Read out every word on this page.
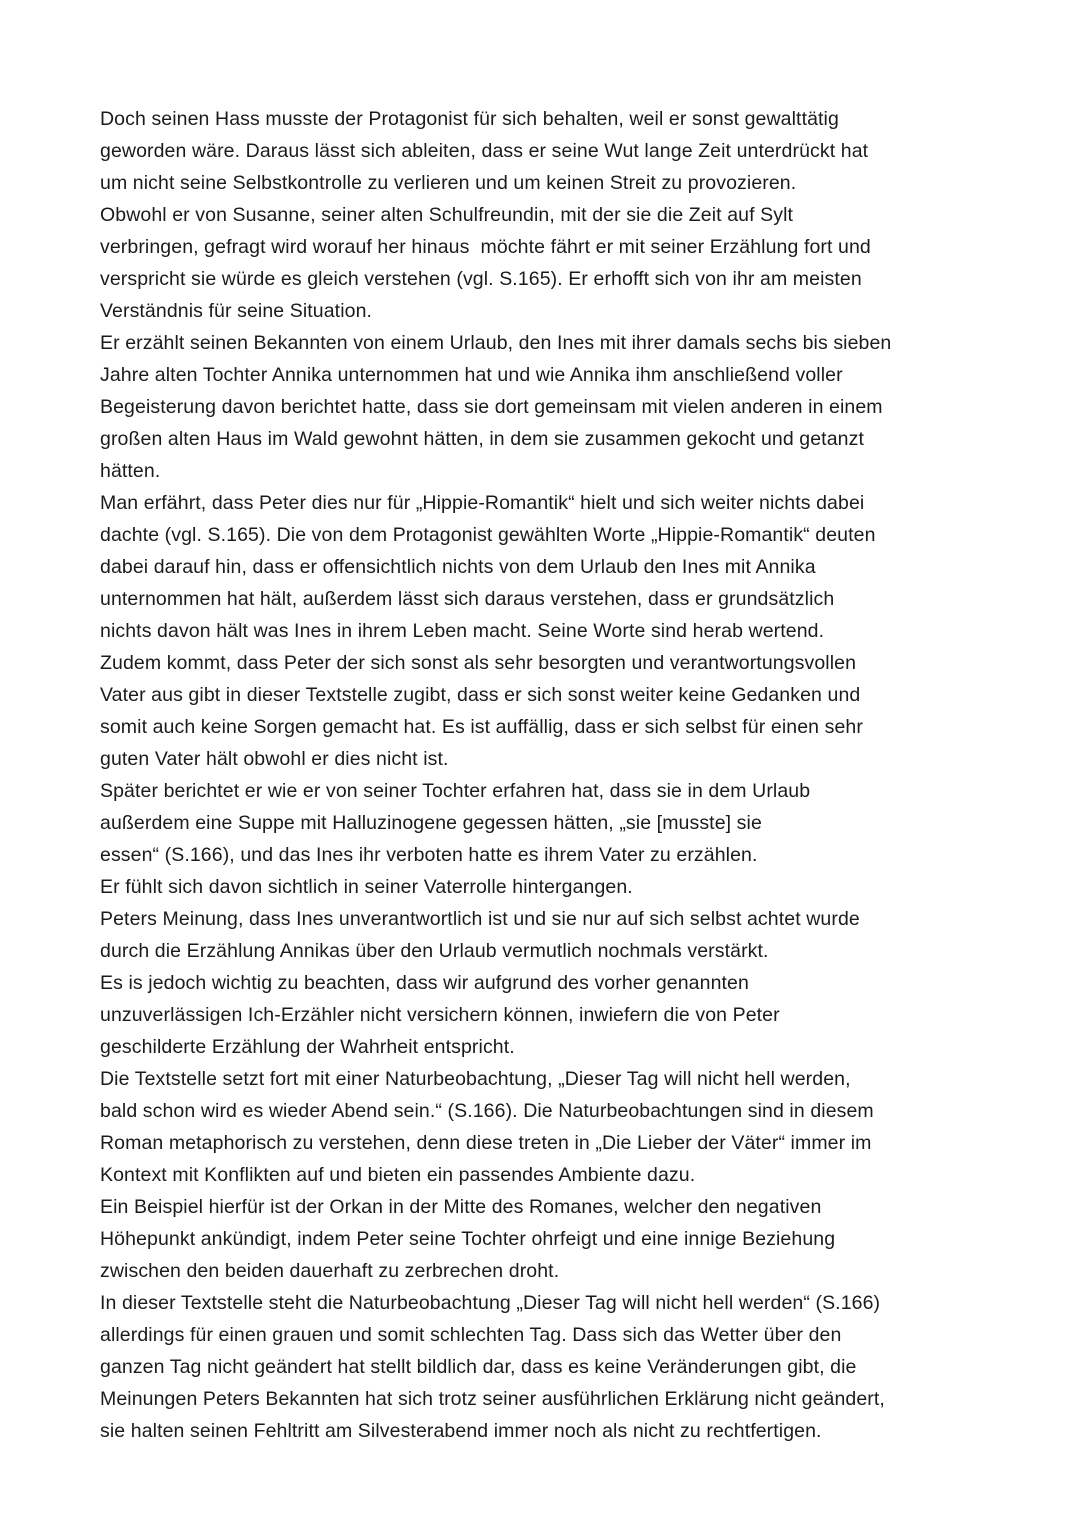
Doch seinen Hass musste der Protagonist für sich behalten, weil er sonst gewalttätig
geworden wäre. Daraus lässt sich ableiten, dass er seine Wut lange Zeit unterdrückt hat
um nicht seine Selbstkontrolle zu verlieren und um keinen Streit zu provozieren.
Obwohl er von Susanne, seiner alten Schulfreundin, mit der sie die Zeit auf Sylt
verbringen, gefragt wird worauf her hinaus  möchte fährt er mit seiner Erzählung fort und
verspricht sie würde es gleich verstehen (vgl. S.165). Er erhofft sich von ihr am meisten
Verständnis für seine Situation.
Er erzählt seinen Bekannten von einem Urlaub, den Ines mit ihrer damals sechs bis sieben
Jahre alten Tochter Annika unternommen hat und wie Annika ihm anschließend voller
Begeisterung davon berichtet hatte, dass sie dort gemeinsam mit vielen anderen in einem
großen alten Haus im Wald gewohnt hätten, in dem sie zusammen gekocht und getanzt
hätten.
Man erfährt, dass Peter dies nur für „Hippie-Romantik“ hielt und sich weiter nichts dabei
dachte (vgl. S.165). Die von dem Protagonist gewählten Worte „Hippie-Romantik“ deuten
dabei darauf hin, dass er offensichtlich nichts von dem Urlaub den Ines mit Annika
unternommen hat hält, außerdem lässt sich daraus verstehen, dass er grundsätzlich
nichts davon hält was Ines in ihrem Leben macht. Seine Worte sind herab wertend.
Zudem kommt, dass Peter der sich sonst als sehr besorgten und verantwortungsvollen
Vater aus gibt in dieser Textstelle zugibt, dass er sich sonst weiter keine Gedanken und
somit auch keine Sorgen gemacht hat. Es ist auffällig, dass er sich selbst für einen sehr
guten Vater hält obwohl er dies nicht ist.
Später berichtet er wie er von seiner Tochter erfahren hat, dass sie in dem Urlaub
außerdem eine Suppe mit Halluzinogene gegessen hätten, „sie [musste] sie
essen“ (S.166), und das Ines ihr verboten hatte es ihrem Vater zu erzählen.
Er fühlt sich davon sichtlich in seiner Vaterrolle hintergangen.
Peters Meinung, dass Ines unverantwortlich ist und sie nur auf sich selbst achtet wurde
durch die Erzählung Annikas über den Urlaub vermutlich nochmals verstärkt.
Es is jedoch wichtig zu beachten, dass wir aufgrund des vorher genannten
unzuverlässigen Ich-Erzähler nicht versichern können, inwiefern die von Peter
geschilderte Erzählung der Wahrheit entspricht.
Die Textstelle setzt fort mit einer Naturbeobachtung, „Dieser Tag will nicht hell werden,
bald schon wird es wieder Abend sein.“ (S.166). Die Naturbeobachtungen sind in diesem
Roman metaphorisch zu verstehen, denn diese treten in „Die Lieber der Väter“ immer im
Kontext mit Konflikten auf und bieten ein passendes Ambiente dazu.
Ein Beispiel hierfür ist der Orkan in der Mitte des Romanes, welcher den negativen
Höhepunkt ankündigt, indem Peter seine Tochter ohrfeigt und eine innige Beziehung
zwischen den beiden dauerhaft zu zerbrechen droht.
In dieser Textstelle steht die Naturbeobachtung „Dieser Tag will nicht hell werden“ (S.166)
allerdings für einen grauen und somit schlechten Tag. Dass sich das Wetter über den
ganzen Tag nicht geändert hat stellt bildlich dar, dass es keine Veränderungen gibt, die
Meinungen Peters Bekannten hat sich trotz seiner ausführlichen Erklärung nicht geändert,
sie halten seinen Fehltritt am Silvesterabend immer noch als nicht zu rechtfertigen.
